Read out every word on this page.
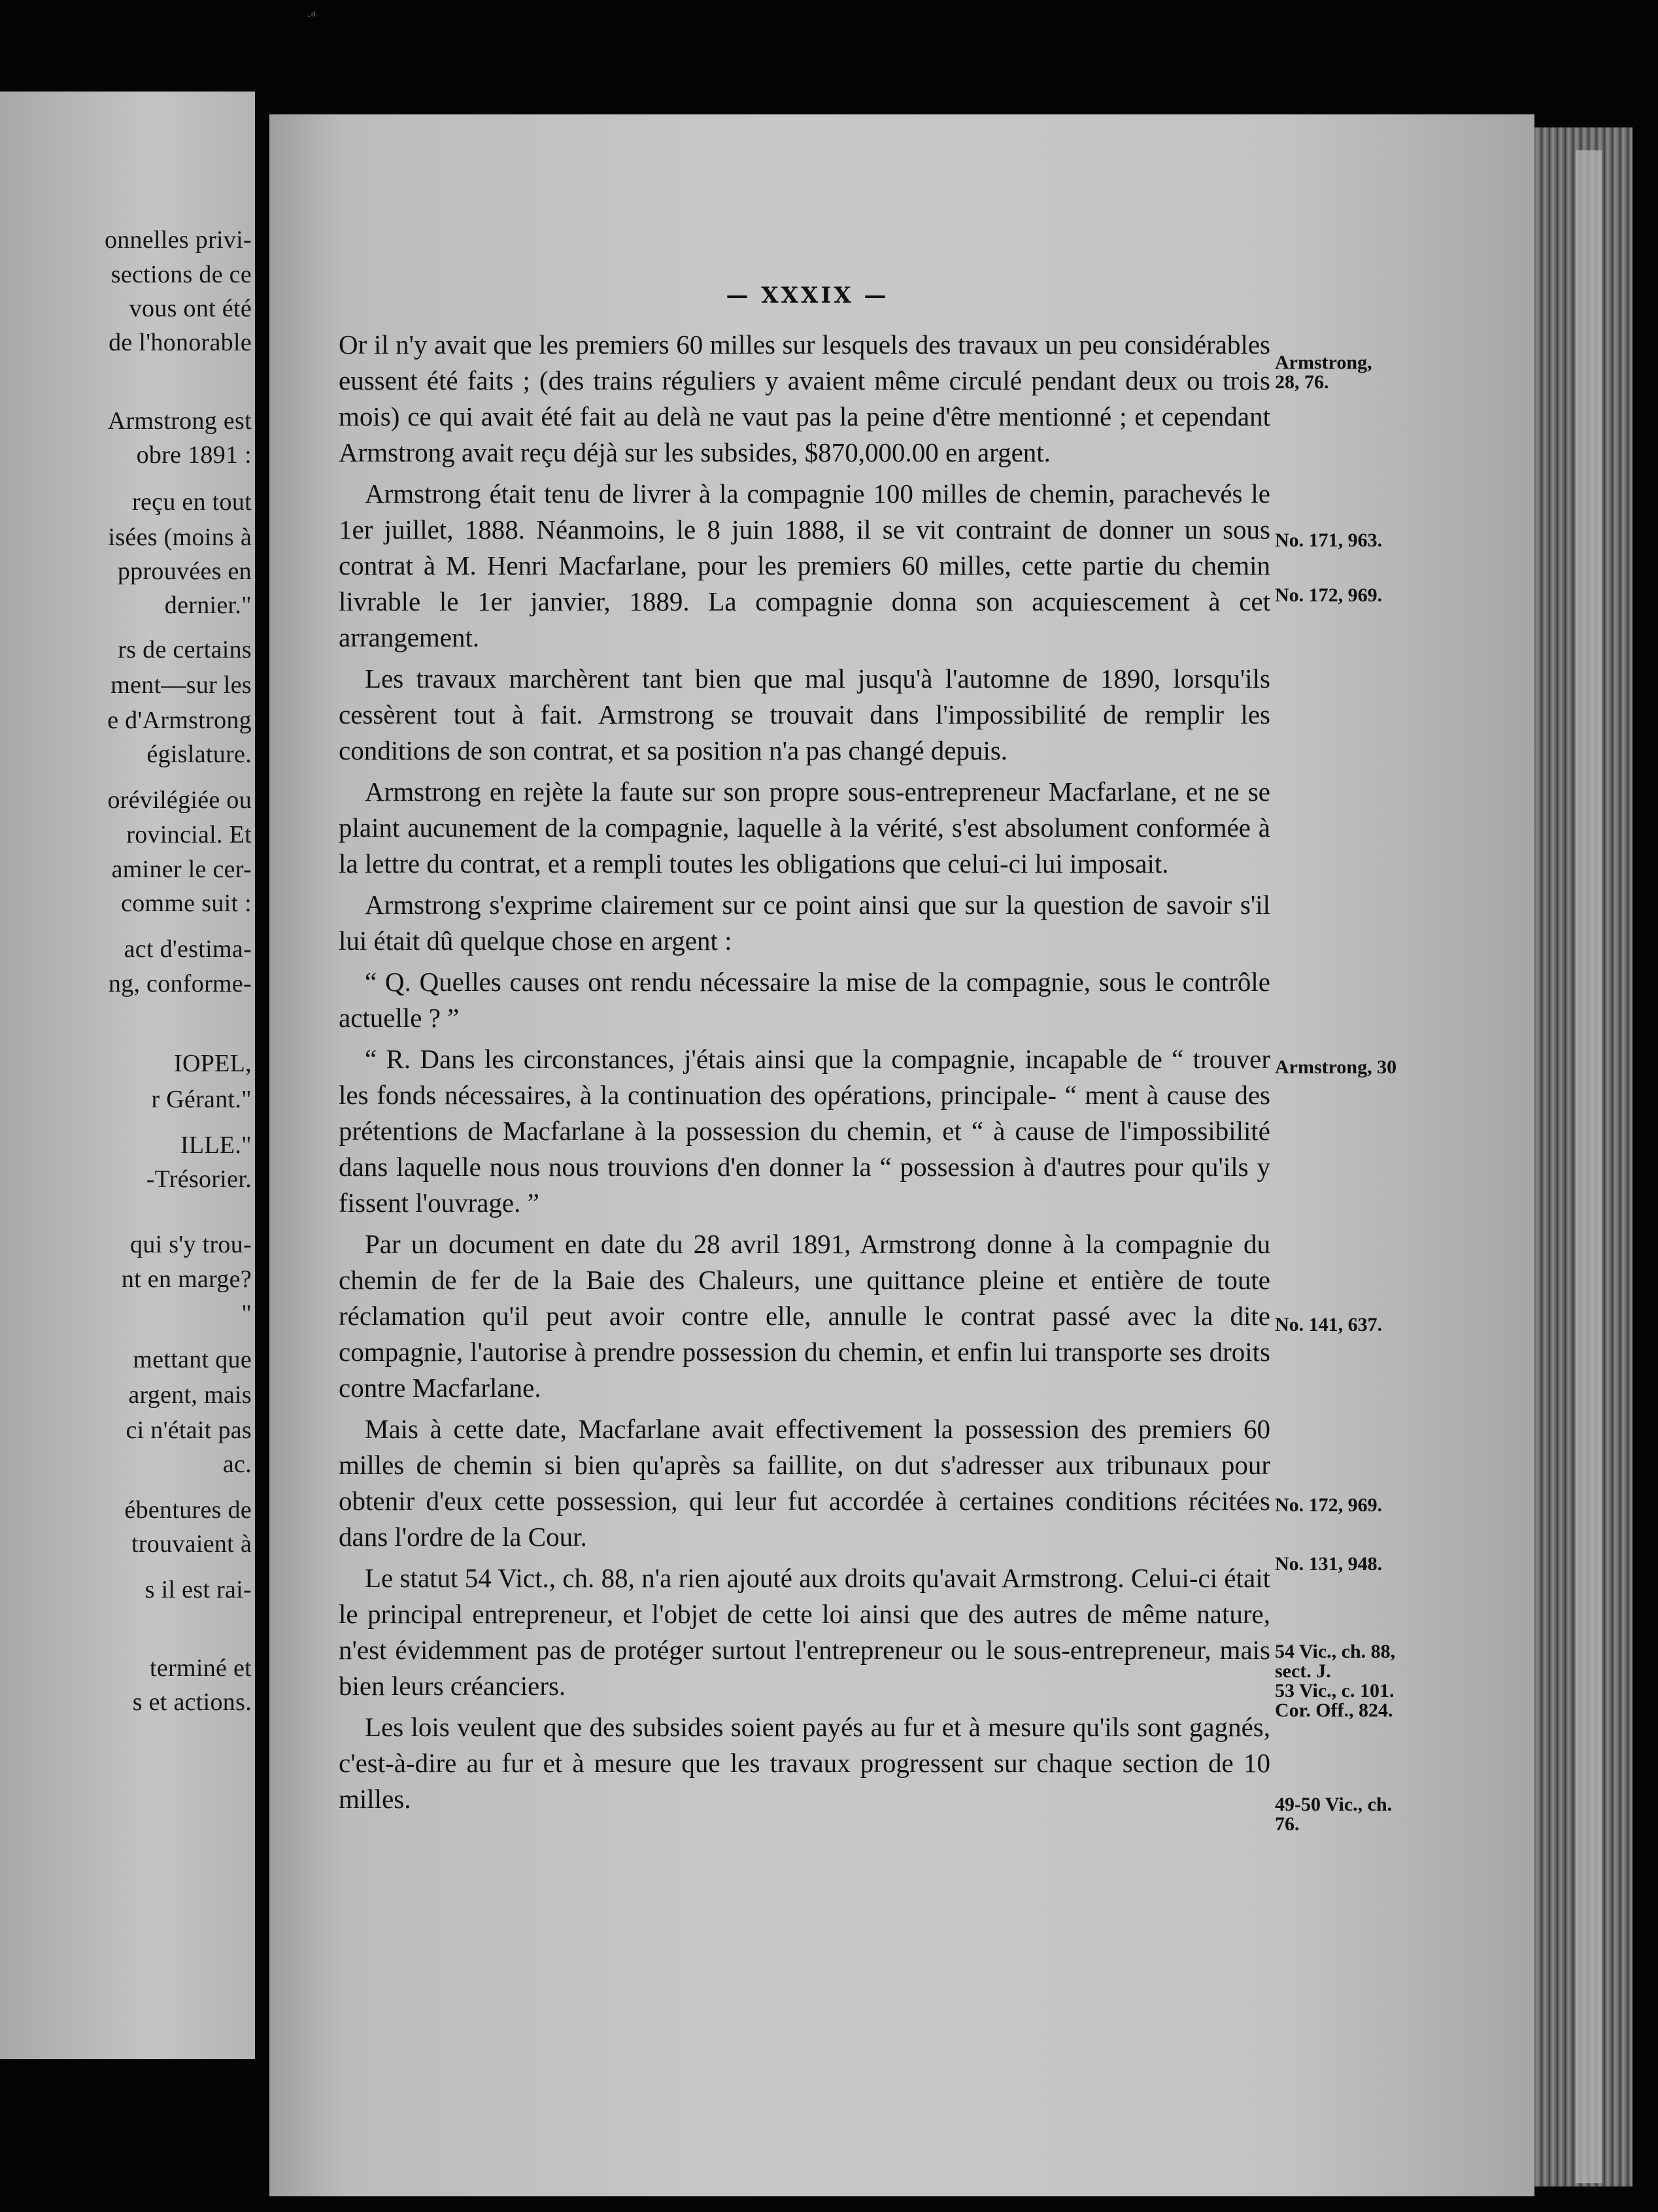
·ᵈ
onnelles privi-
sections de ce
vous ont été
de l'honorable
Armstrong est
obre 1891 :
reçu en tout
isées (moins à
pprouvées en
dernier."
rs de certains
ment—sur les
e d'Armstrong
égislature.
orévilégiée ou
rovincial. Et
aminer le cer-
comme suit :
act d'estima-
ng, conforme-
IOPEL,
r Gérant."
ILLE."
-Trésorier.
qui s'y trou-
nt en marge?
"
mettant que
argent, mais
ci n'était pas
ac.
ébentures de
trouvaient à
s il est rai-
terminé et
s et actions.
— XXXIX —

Or il n'y avait que les premiers 60 milles sur lesquels des travaux un peu considérables eussent été faits ; (des trains réguliers y avaient même circulé pendant deux ou trois mois) ce qui avait été fait au delà ne vaut pas la peine d'être mentionné ; et cependant Armstrong avait reçu déjà sur les subsides, $870,000.00 en argent.

Armstrong était tenu de livrer à la compagnie 100 milles de chemin, parachevés le 1er juillet, 1888. Néanmoins, le 8 juin 1888, il se vit contraint de donner un sous contrat à M. Henri Macfarlane, pour les premiers 60 milles, cette partie du chemin livrable le 1er janvier, 1889. La compagnie donna son acquiescement à cet arrangement.

Les travaux marchèrent tant bien que mal jusqu'à l'automne de 1890, lorsqu'ils cessèrent tout à fait. Armstrong se trouvait dans l'impossibilité de remplir les conditions de son contrat, et sa position n'a pas changé depuis.

Armstrong en rejète la faute sur son propre sous-entrepreneur Macfarlane, et ne se plaint aucunement de la compagnie, laquelle à la vérité, s'est absolument conformée à la lettre du contrat, et a rempli toutes les obligations que celui-ci lui imposait.

Armstrong s'exprime clairement sur ce point ainsi que sur la question de savoir s'il lui était dû quelque chose en argent :

“ Q. Quelles causes ont rendu nécessaire la mise de la compagnie, sous le contrôle actuelle ? ”

“ R. Dans les circonstances, j'étais ainsi que la compagnie, incapable de “ trouver les fonds nécessaires, à la continuation des opérations, principale- “ ment à cause des prétentions de Macfarlane à la possession du chemin, et “ à cause de l'impossibilité dans laquelle nous nous trouvions d'en donner la “ possession à d'autres pour qu'ils y fissent l'ouvrage. ”

Par un document en date du 28 avril 1891, Armstrong donne à la compagnie du chemin de fer de la Baie des Chaleurs, une quittance pleine et entière de toute réclamation qu'il peut avoir contre elle, annulle le contrat passé avec la dite compagnie, l'autorise à prendre possession du chemin, et enfin lui transporte ses droits contre Macfarlane.

Mais à cette date, Macfarlane avait effectivement la possession des premiers 60 milles de chemin si bien qu'après sa faillite, on dut s'adresser aux tribunaux pour obtenir d'eux cette possession, qui leur fut accordée à certaines conditions récitées dans l'ordre de la Cour.

Le statut 54 Vict., ch. 88, n'a rien ajouté aux droits qu'avait Armstrong. Celui-ci était le principal entrepreneur, et l'objet de cette loi ainsi que des autres de même nature, n'est évidemment pas de protéger surtout l'entrepreneur ou le sous-entrepreneur, mais bien leurs créanciers.

Les lois veulent que des subsides soient payés au fur et à mesure qu'ils sont gagnés, c'est-à-dire au fur et à mesure que les travaux progressent sur chaque section de 10 milles.

Armstrong,
28, 76.
No. 171, 963.
No. 172, 969.
Armstrong, 30
No. 141, 637.
No. 172, 969.
No. 131, 948.
54 Vic., ch. 88,
sect. J.
53 Vic., c. 101.
Cor. Off., 824.
49-50 Vic., ch.
76.
